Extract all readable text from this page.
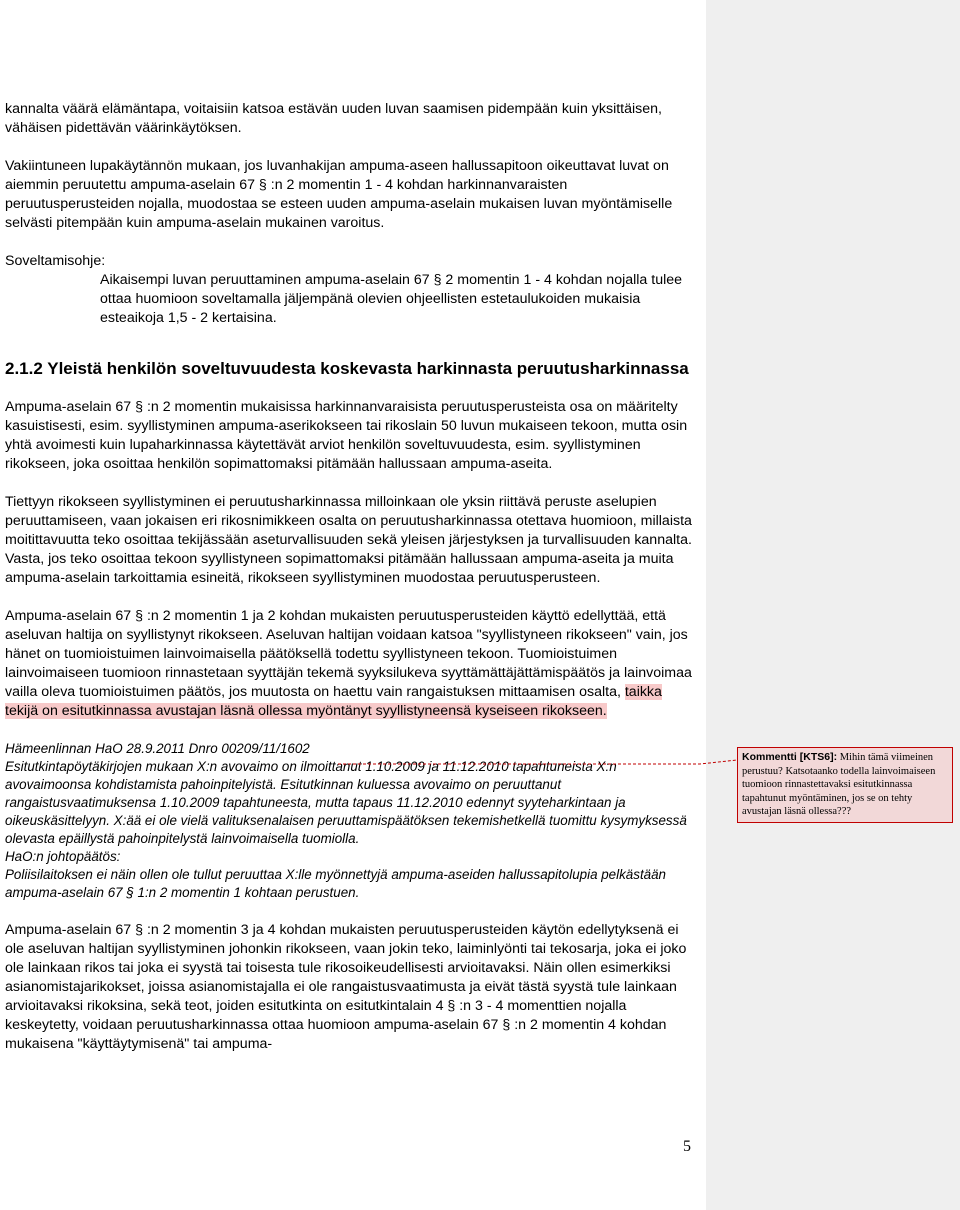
kannalta väärä elämäntapa, voitaisiin katsoa estävän uuden luvan saamisen pidempään kuin yksittäisen, vähäisen pidettävän väärinkäytöksen.

Vakiintuneen lupakäytännön mukaan, jos luvanhakijan ampuma-aseen hallussapitoon oikeuttavat luvat on aiemmin peruutettu ampuma-aselain 67 § :n 2 momentin 1 - 4 kohdan harkinnanvaraisten peruutusperusteiden nojalla, muodostaa se esteen uuden ampuma-aselain mukaisen luvan myöntämiselle selvästi pitempään kuin ampuma-aselain mukainen varoitus.

Soveltamisohje:

Aikaisempi luvan peruuttaminen ampuma-aselain 67 § 2 momentin 1 - 4 kohdan nojalla tulee ottaa huomioon soveltamalla jäljempänä olevien ohjeellisten estetaulukoiden mukaisia esteaikoja 1,5 - 2 kertaisina.

2.1.2 Yleistä henkilön soveltuvuudesta koskevasta harkinnasta peruutusharkinnassa

Ampuma-aselain 67 § :n 2 momentin mukaisissa harkinnanvaraisista peruutusperusteista osa on määritelty kasuistisesti, esim. syyllistyminen ampuma-aserikokseen tai rikoslain 50 luvun mukaiseen tekoon, mutta osin yhtä avoimesti kuin lupaharkinnassa käytettävät arviot henkilön soveltuvuudesta, esim. syyllistyminen rikokseen, joka osoittaa henkilön sopimattomaksi pitämään hallussaan ampuma-aseita.

Tiettyyn rikokseen syyllistyminen ei peruutusharkinnassa milloinkaan ole yksin riittävä peruste aselupien peruuttamiseen, vaan jokaisen eri rikosnimikkeen osalta on peruutusharkinnassa otettava huomioon, millaista moitittavuutta teko osoittaa tekijässään aseturvallisuuden sekä yleisen järjestyksen ja turvallisuuden kannalta. Vasta, jos teko osoittaa tekoon syyllistyneen sopimattomaksi pitämään hallussaan ampuma-aseita ja muita ampuma-aselain tarkoittamia esineitä, rikokseen syyllistyminen muodostaa peruutusperusteen.

Ampuma-aselain 67 § :n 2 momentin 1 ja 2 kohdan mukaisten peruutusperusteiden käyttö edellyttää, että aseluvan haltija on syyllistynyt rikokseen. Aseluvan haltijan voidaan katsoa "syyllistyneen rikokseen" vain, jos hänet on tuomioistuimen lainvoimaisella päätöksellä todettu syyllistyneen tekoon. Tuomioistuimen lainvoimaiseen tuomioon rinnastetaan syyttäjän tekemä syyksilukeva syyttämättäjättämispäätös ja lainvoimaa vailla oleva tuomioistuimen päätös, jos muutosta on haettu vain rangaistuksen mittaamisen osalta, taikka tekijä on esitutkinnassa avustajan läsnä ollessa myöntänyt syyllistyneensä kyseiseen rikokseen.

Hämeenlinnan HaO 28.9.2011 Dnro 00209/11/1602

Esitutkintapöytäkirjojen mukaan X:n avovaimo on ilmoittanut 1.10.2009 ja 11.12.2010 tapahtuneista X:n avovaimoonsa kohdistamista pahoinpitelyistä. Esitutkinnan kuluessa avovaimo on peruuttanut rangaistusvaatimuksensa 1.10.2009 tapahtuneesta, mutta tapaus 11.12.2010 edennyt syyteharkintaan ja oikeuskäsittelyyn. X:ää ei ole vielä valituksenalaisen peruuttamispäätöksen tekemishetkellä tuomittu kysymyksessä olevasta epäillystä pahoinpitelystä lainvoimaisella tuomiolla.

HaO:n johtopäätös:

Poliisilaitoksen ei näin ollen ole tullut peruuttaa X:lle myönnettyjä ampuma-aseiden hallussapitolupia pelkästään ampuma-aselain 67 § 1:n 2 momentin 1 kohtaan perustuen.

Ampuma-aselain 67 § :n 2 momentin 3 ja 4 kohdan mukaisten peruutusperusteiden käytön edellytyksenä ei ole aseluvan haltijan syyllistyminen johonkin rikokseen, vaan jokin teko, laiminlyönti tai tekosarja, joka ei joko ole lainkaan rikos tai joka ei syystä tai toisesta tule rikosoikeudellisesti arvioitavaksi. Näin ollen esimerkiksi asianomistajarikokset, joissa asianomistajalla ei ole rangaistusvaatimusta ja eivät tästä syystä tule lainkaan arvioitavaksi rikoksina, sekä teot, joiden esitutkinta on esitutkintalain 4 § :n 3 - 4 momenttien nojalla keskeytetty, voidaan peruutusharkinnassa ottaa huomioon ampuma-aselain 67 § :n 2 momentin 4 kohdan mukaisena "käyttäytymisenä" tai ampuma-

5
Kommentti [KTS6]: Mihin tämä viimeinen perustuu? Katsotaanko todella lainvoimaiseen tuomioon rinnastettavaksi esitutkinnassa tapahtunut myöntäminen, jos se on tehty avustajan läsnä ollessa???
